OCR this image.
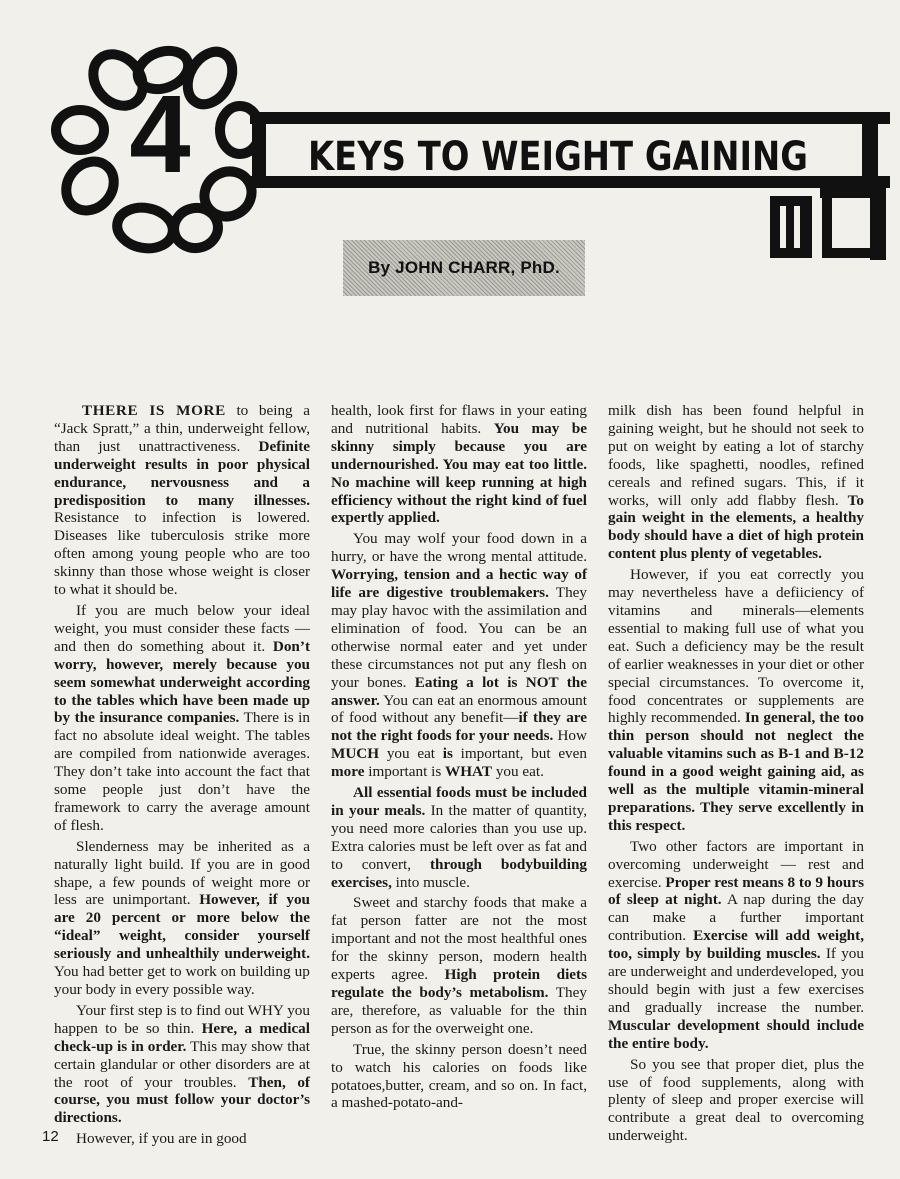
4	KEYS TO WEIGHT GAINING
By JOHN CHARR, PhD.

THERE IS MORE to being a “Jack Spratt,” a thin, underweight fellow, than just unattractiveness. Definite underweight results in poor physical endurance, nervousness and a predisposition to many illnesses. Resistance to infection is lowered. Diseases like tuberculosis strike more often among young people who are too skinny than those whose weight is closer to what it should be.

If you are much below your ideal weight, you must consider these facts — and then do something about it. Don’t worry, however, merely because you seem somewhat underweight according to the tables which have been made up by the insurance companies. There is in fact no absolute ideal weight. The tables are compiled from nationwide averages. They don’t take into account the fact that some people just don’t have the framework to carry the average amount of flesh.

Slenderness may be inherited as a naturally light build. If you are in good shape, a few pounds of weight more or less are unimportant. However, if you are 20 percent or more below the “ideal” weight, consider yourself seriously and unhealthily underweight. You had better get to work on building up your body in every possible way.

Your first step is to find out WHY you happen to be so thin. Here, a medical check-up is in order. This may show that certain glandular or other disorders are at the root of your troubles. Then, of course, you must follow your doctor’s directions.

However, if you are in good

health, look first for flaws in your eating and nutritional habits. You may be skinny simply because you are undernourished. You may eat too little. No machine will keep running at high efficiency without the right kind of fuel expertly applied.

You may wolf your food down in a hurry, or have the wrong mental attitude. Worrying, tension and a hectic way of life are digestive troublemakers. They may play havoc with the assimilation and elimination of food. You can be an otherwise normal eater and yet under these circumstances not put any flesh on your bones. Eating a lot is NOT the answer. You can eat an enormous amount of food without any benefit—if they are not the right foods for your needs. How MUCH you eat is important, but even more important is WHAT you eat.

All essential foods must be included in your meals. In the matter of quantity, you need more calories than you use up. Extra calories must be left over as fat and to convert, through bodybuilding exercises, into muscle.

Sweet and starchy foods that make a fat person fatter are not the most important and not the most healthful ones for the skinny person, modern health experts agree. High protein diets regulate the body’s metabolism. They are, therefore, as valuable for the thin person as for the overweight one.

True, the skinny person doesn’t need to watch his calories on foods like potatoes,butter, cream, and so on. In fact, a mashed-potato-and-

milk dish has been found helpful in gaining weight, but he should not seek to put on weight by eating a lot of starchy foods, like spaghetti, noodles, refined cereals and refined sugars. This, if it works, will only add flabby flesh. To gain weight in the elements, a healthy body should have a diet of high protein content plus plenty of vegetables.

However, if you eat correctly you may nevertheless have a defiiciency of vitamins and minerals—elements essential to making full use of what you eat. Such a deficiency may be the result of earlier weaknesses in your diet or other special circumstances. To overcome it, food concentrates or supplements are highly recommended. In general, the too thin person should not neglect the valuable vitamins such as B-1 and B-12 found in a good weight gaining aid, as well as the multiple vitamin-mineral preparations. They serve excellently in this respect.

Two other factors are important in overcoming underweight — rest and exercise. Proper rest means 8 to 9 hours of sleep at night. A nap during the day can make a further important contribution. Exercise will add weight, too, simply by building muscles. If you are underweight and underdeveloped, you should begin with just a few exercises and gradually increase the number. Muscular development should include the entire body.

So you see that proper diet, plus the use of food supplements, along with plenty of sleep and proper exercise will contribute a great deal to overcoming underweight.

12
